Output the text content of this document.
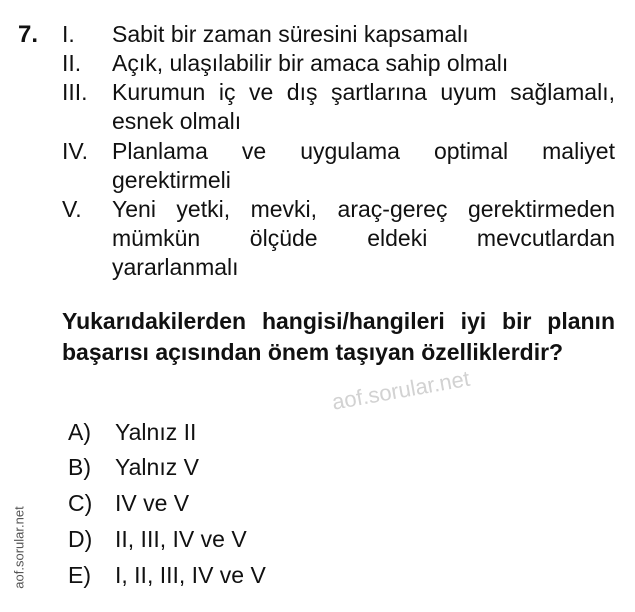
7. I. Sabit bir zaman süresini kapsamalı
II. Açık, ulaşılabilir bir amaca sahip olmalı
III. Kurumun iç ve dış şartlarına uyum sağlamalı, esnek olmalı
IV. Planlama ve uygulama optimal maliyet gerektirmeli
V. Yeni yetki, mevki, araç-gereç gerektirmeden mümkün ölçüde eldeki mevcutlardan yararlanmalı
Yukarıdakilerden hangisi/hangileri iyi bir planın başarısı açısından önem taşıyan özelliklerdir?
aof.sorular.net
A) Yalnız II
B) Yalnız V
C) IV ve V
D) II, III, IV ve V
E) I, II, III, IV ve V
aof.sorular.net
